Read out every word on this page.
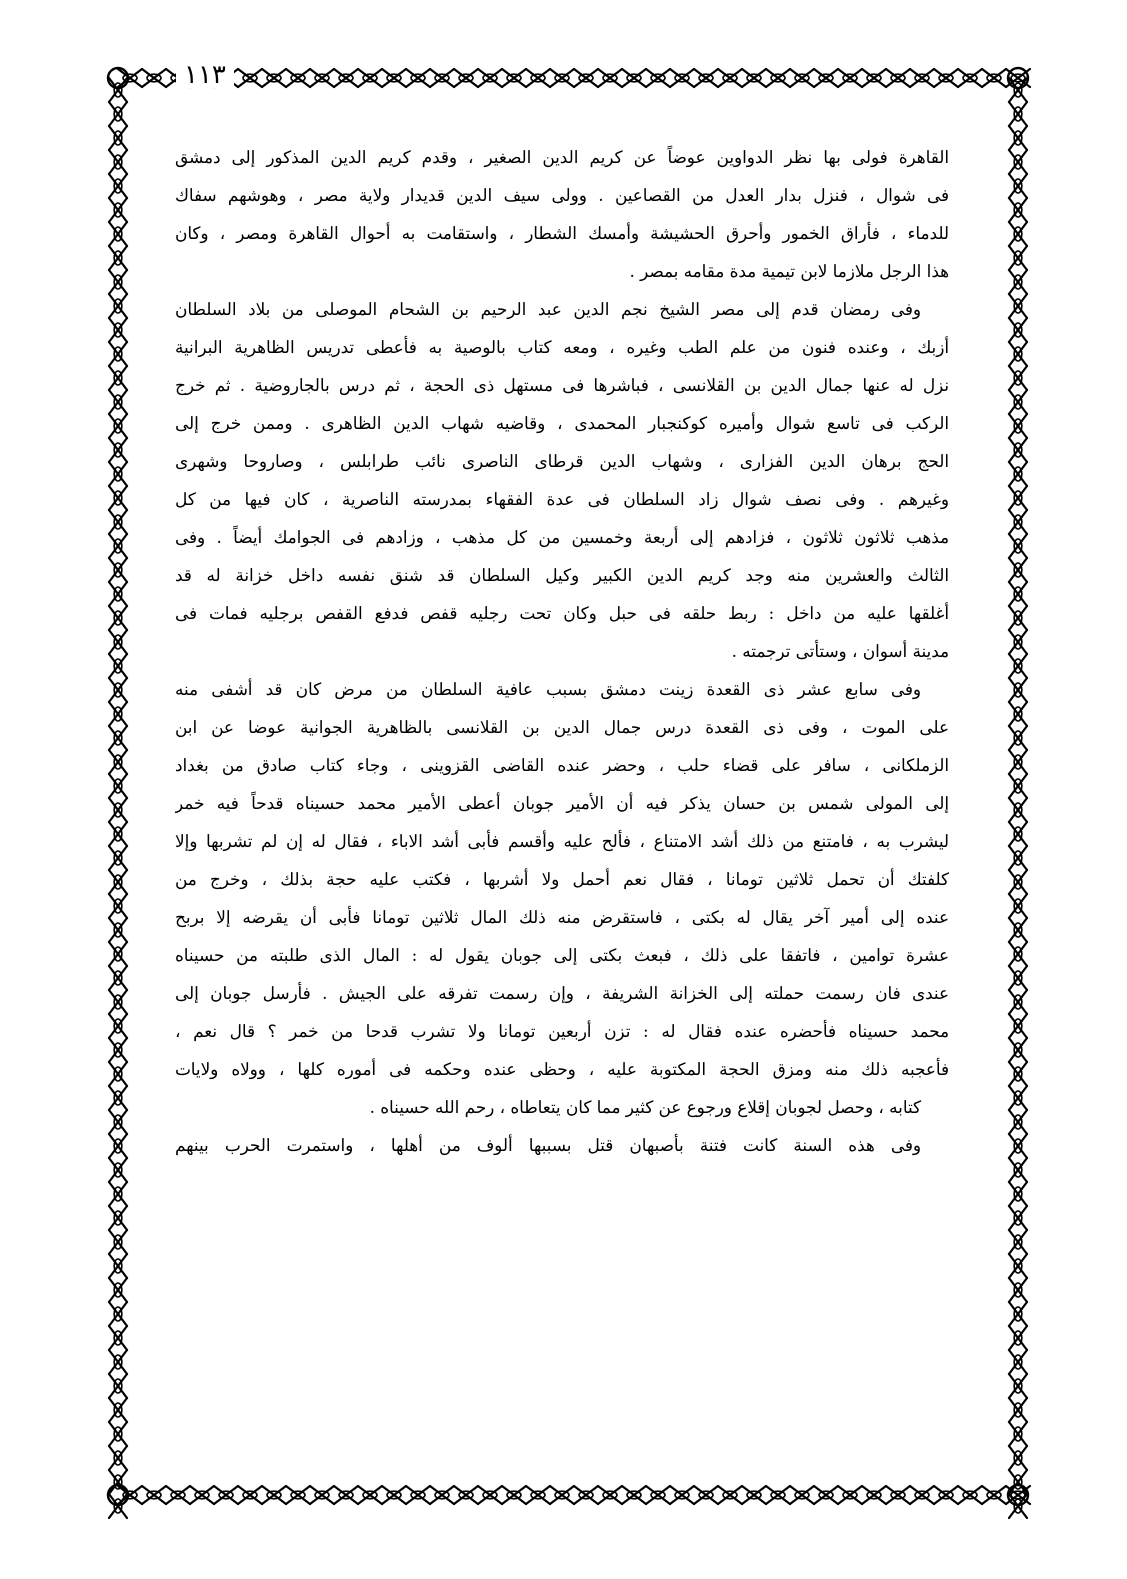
١١٣
القاهرة فولى بها نظر الدواوين عوضاً عن كريم الدين الصغير ، وقدم كريم الدين المذكور إلى دمشق
فى شوال ، فنزل بدار العدل من القصاعين . وولى سيف الدين قديدار ولاية مصر ، وهوشهم سفاك
للدماء ، فأراق الخمور وأحرق الحشيشة وأمسك الشطار ، واستقامت به أحوال القاهرة ومصر ، وكان
هذا الرجل ملازما لابن تيمية مدة مقامه بمصر .
وفى رمضان قدم إلى مصر الشيخ نجم الدين عبد الرحيم بن الشحام الموصلى من بلاد السلطان
أزبك ، وعنده فنون من علم الطب وغيره ، ومعه كتاب بالوصية به فأعطى تدريس الظاهرية البرانية
نزل له عنها جمال الدين بن القلانسى ، فباشرها فى مستهل ذى الحجة ، ثم درس بالجاروضية . ثم خرج
الركب فى تاسع شوال وأميره كوكنجبار المحمدى ، وقاضيه شهاب الدين الظاهرى . وممن خرج إلى
الحج برهان الدين الفزارى ، وشهاب الدين قرطاى الناصرى نائب طرابلس ، وصاروحا وشهرى
وغيرهم . وفى نصف شوال زاد السلطان فى عدة الفقهاء بمدرسته الناصرية ، كان فيها من كل
مذهب ثلاثون ثلاثون ، فزادهم إلى أربعة وخمسين من كل مذهب ، وزادهم فى الجوامك أيضاً . وفى
الثالث والعشرين منه وجد كريم الدين الكبير وكيل السلطان قد شنق نفسه داخل خزانة له قد
أغلقها عليه من داخل : ربط حلقه فى حبل وكان تحت رجليه قفص فدفع القفص برجليه فمات فى
مدينة أسوان ، وستأتى ترجمته .
وفى سابع عشر ذى القعدة زينت دمشق بسبب عافية السلطان من مرض كان قد أشفى منه
على الموت ، وفى ذى القعدة درس جمال الدين بن القلانسى بالظاهرية الجوانية عوضا عن ابن
الزملكانى ، سافر على قضاء حلب ، وحضر عنده القاضى القزوينى ، وجاء كتاب صادق من بغداد
إلى المولى شمس بن حسان يذكر فيه أن الأمير جوبان أعطى الأمير محمد حسيناه قدحاً فيه خمر
ليشرب به ، فامتنع من ذلك أشد الامتناع ، فألح عليه وأقسم فأبى أشد الاباء ، فقال له إن لم تشربها وإلا
كلفتك أن تحمل ثلاثين تومانا ، فقال نعم أحمل ولا أشربها ، فكتب عليه حجة بذلك ، وخرج من
عنده إلى أمير آخر يقال له بكتى ، فاستقرض منه ذلك المال ثلاثين تومانا فأبى أن يقرضه إلا بربح
عشرة توامين ، فاتفقا على ذلك ، فبعث بكتى إلى جوبان يقول له : المال الذى طلبته من حسيناه
عندى فان رسمت حملته إلى الخزانة الشريفة ، وإن رسمت تفرقه على الجيش . فأرسل جوبان إلى
محمد حسيناه فأحضره عنده فقال له : تزن أربعين تومانا ولا تشرب قدحا من خمر ؟ قال نعم ،
فأعجبه ذلك منه ومزق الحجة المكتوبة عليه ، وحظى عنده وحكمه فى أموره كلها ، وولاه ولايات
كتابه ، وحصل لجوبان إقلاع ورجوع عن كثير مما كان يتعاطاه ، رحم الله حسيناه .
وفى هذه السنة كانت فتنة بأصبهان قتل بسببها ألوف من أهلها ، واستمرت الحرب بينهم
